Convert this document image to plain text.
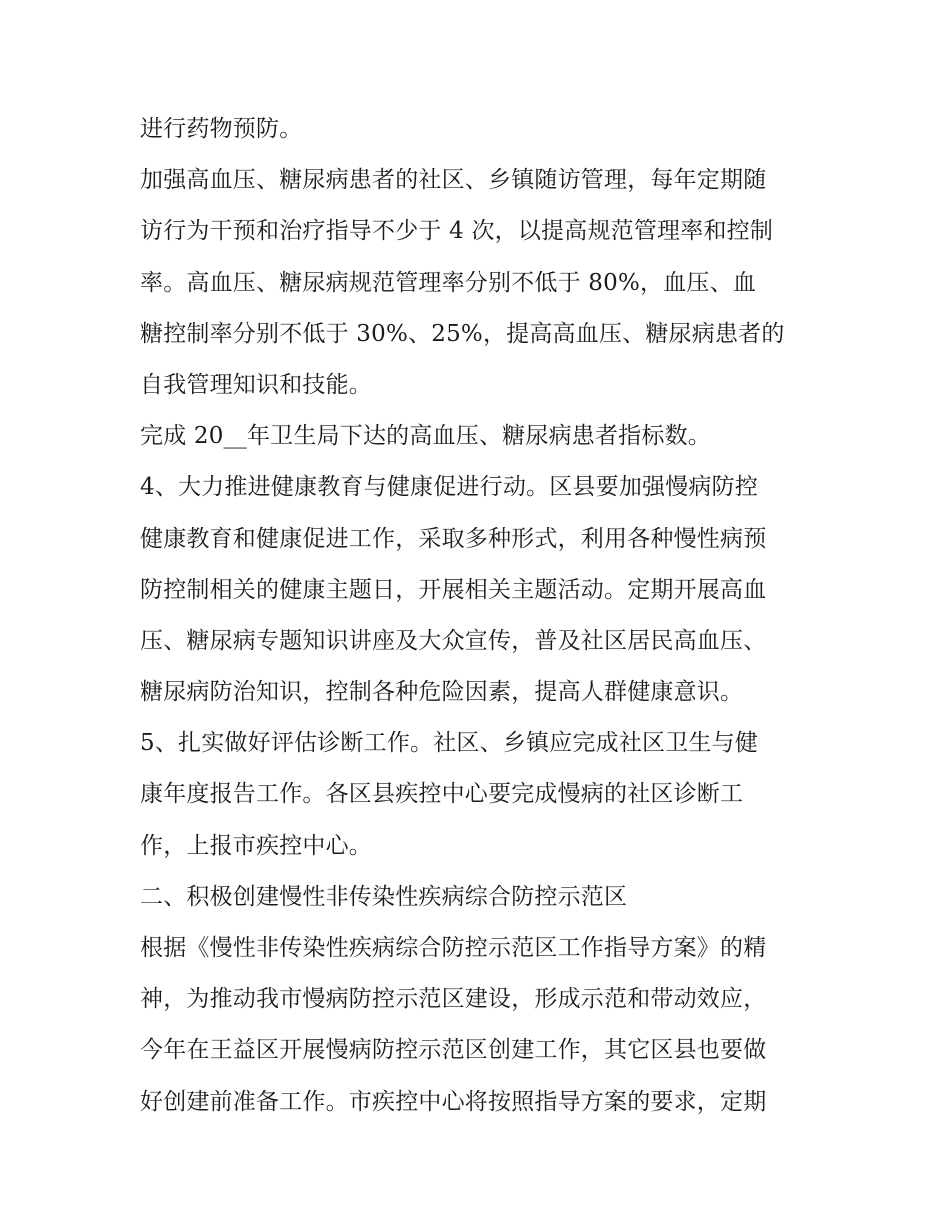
进行药物预防。
加强高血压、糖尿病患者的社区、乡镇随访管理，每年定期随
访行为干预和治疗指导不少于 4 次，以提高规范管理率和控制
率。高血压、糖尿病规范管理率分别不低于 80%，血压、血
糖控制率分别不低于 30%、25%，提高高血压、糖尿病患者的
自我管理知识和技能。
完成 20__年卫生局下达的高血压、糖尿病患者指标数。
4、大力推进健康教育与健康促进行动。区县要加强慢病防控
健康教育和健康促进工作，采取多种形式，利用各种慢性病预
防控制相关的健康主题日，开展相关主题活动。定期开展高血
压、糖尿病专题知识讲座及大众宣传，普及社区居民高血压、
糖尿病防治知识，控制各种危险因素，提高人群健康意识。
5、扎实做好评估诊断工作。社区、乡镇应完成社区卫生与健
康年度报告工作。各区县疾控中心要完成慢病的社区诊断工
作，上报市疾控中心。
二、积极创建慢性非传染性疾病综合防控示范区
根据《慢性非传染性疾病综合防控示范区工作指导方案》的精
神，为推动我市慢病防控示范区建设，形成示范和带动效应，
今年在王益区开展慢病防控示范区创建工作，其它区县也要做
好创建前准备工作。市疾控中心将按照指导方案的要求，定期
